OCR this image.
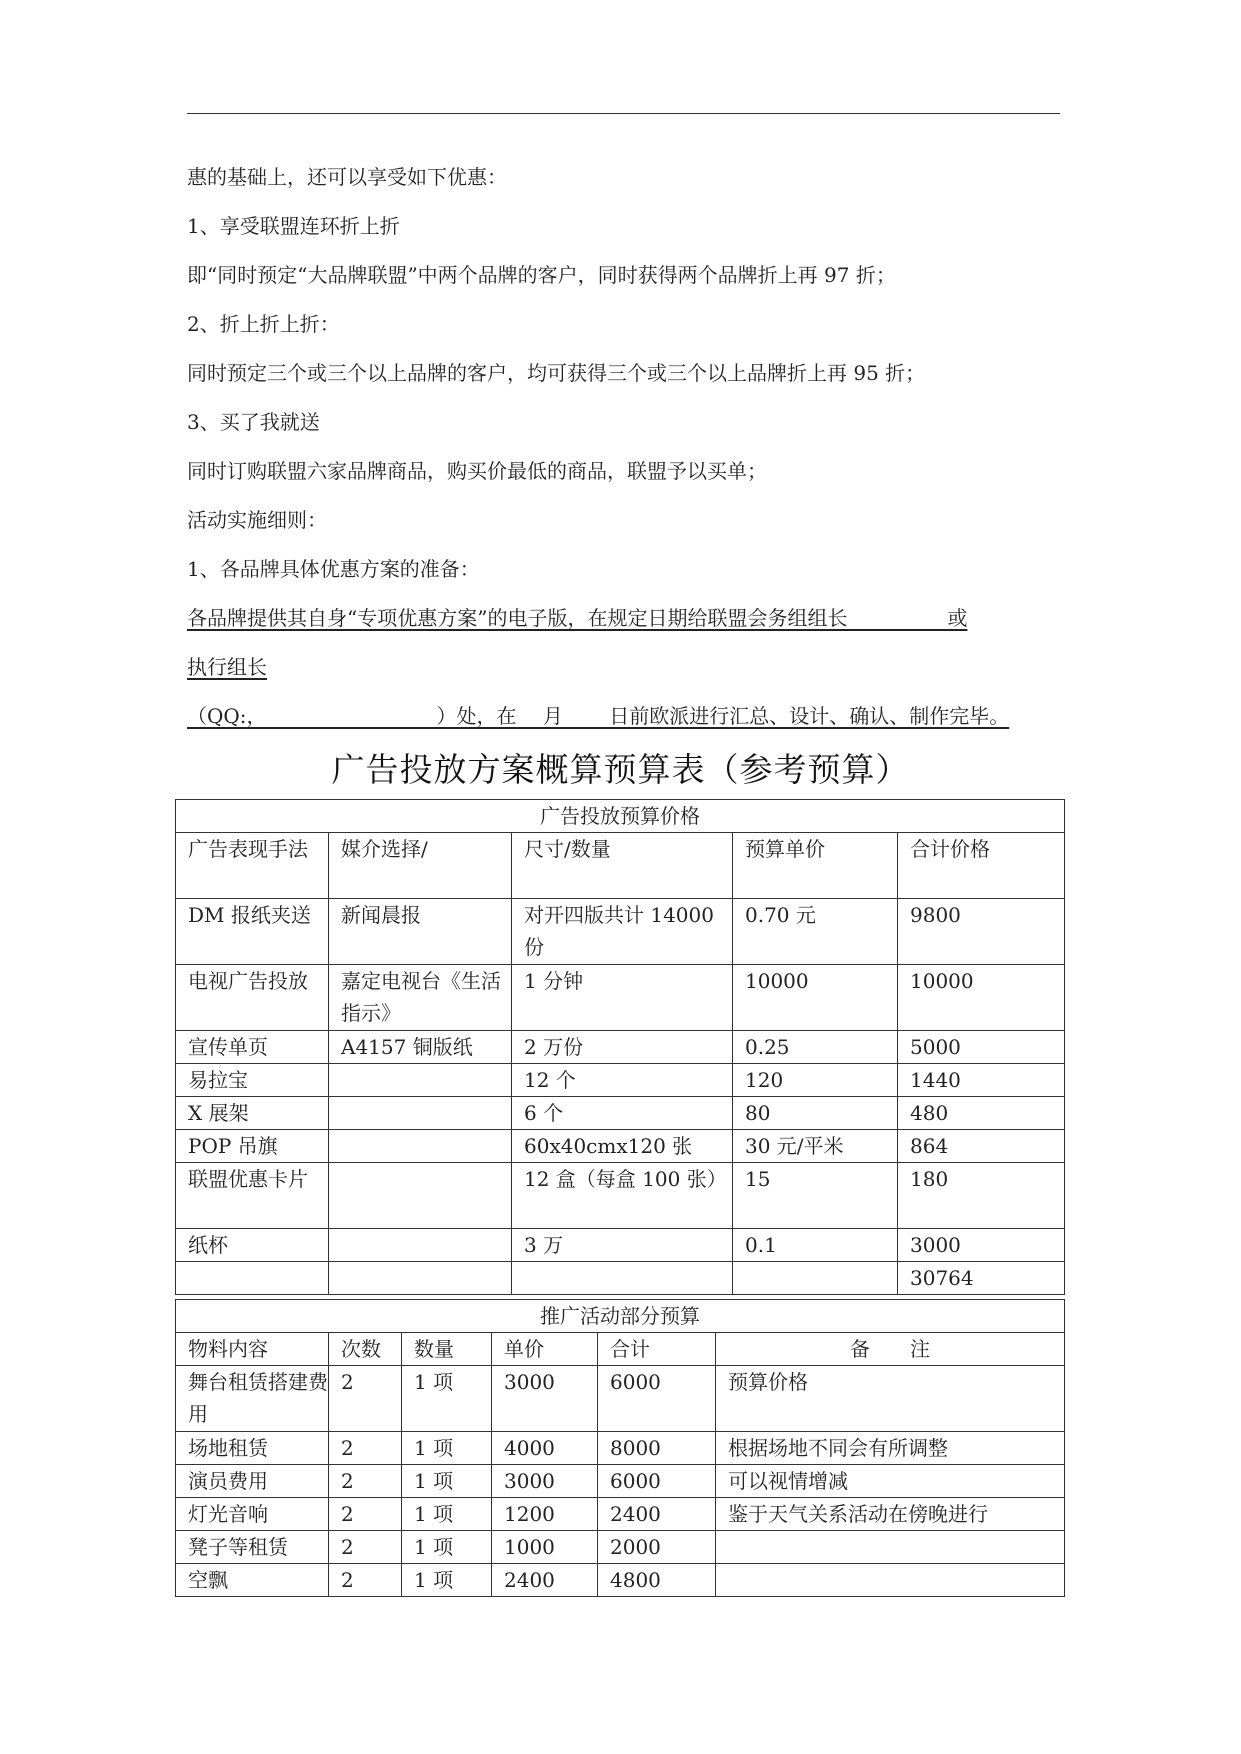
惠的基础上，还可以享受如下优惠：
1、享受联盟连环折上折
即“同时预定“大品牌联盟”中两个品牌的客户，同时获得两个品牌折上再 97 折；
2、折上折上折：
同时预定三个或三个以上品牌的客户，均可获得三个或三个以上品牌折上再 95 折；
3、买了我就送
同时订购联盟六家品牌商品，购买价最低的商品，联盟予以买单；
活动实施细则：
1、各品牌具体优惠方案的准备：
各品牌提供其自身“专项优惠方案”的电子版，在规定日期给联盟会务组组长　　　　　或
执行组长
（QQ:，　　　　　　　　　）处，在　 月　　 日前欧派进行汇总、设计、确认、制作完毕。
广告投放方案概算预算表（参考预算）
广告投放预算价格				
广告表现手法	媒介选择/	尺寸/数量	预算单价	合计价格
DM 报纸夹送	新闻晨报	对开四版共计 14000 份	0.70 元	9800
电视广告投放	嘉定电视台《生活指示》	1 分钟	10000	10000
宣传单页	A4157 铜版纸	2 万份	0.25	5000
易拉宝		12 个	120	1440
X 展架		6 个	80	480
POP 吊旗		60x40cmx120 张	30 元/平米	864
联盟优惠卡片		12 盒（每盒 100 张）	15	180
纸杯		3 万	0.1	3000
				30764
推广活动部分预算					
物料内容	次数	数量	单价	合计	备　　注
舞台租赁搭建费用	2	1 项	3000	6000	预算价格
场地租赁	2	1 项	4000	8000	根据场地不同会有所调整
演员费用	2	1 项	3000	6000	可以视情增减
灯光音响	2	1 项	1200	2400	鉴于天气关系活动在傍晚进行
凳子等租赁	2	1 项	1000	2000	
空飘	2	1 项	2400	4800	
